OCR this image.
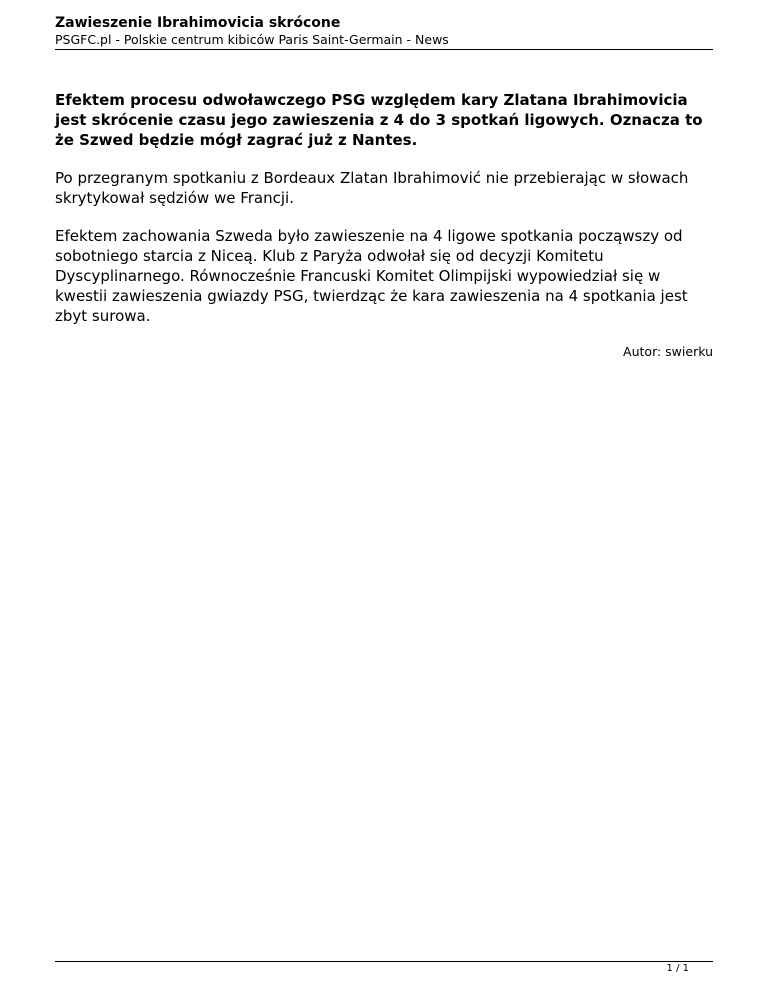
Zawieszenie Ibrahimovicia skrócone
PSGFC.pl - Polskie centrum kibiców Paris Saint-Germain - News

Efektem procesu odwoławczego PSG względem kary Zlatana Ibrahimovicia jest skrócenie czasu jego zawieszenia z 4 do 3 spotkań ligowych. Oznacza to że Szwed będzie mógł zagrać już z Nantes.

Po przegranym spotkaniu z Bordeaux Zlatan Ibrahimović nie przebierając w słowach skrytykował sędziów we Francji.

Efektem zachowania Szweda było zawieszenie na 4 ligowe spotkania począwszy od sobotniego starcia z Niceą. Klub z Paryża odwołał się od decyzji Komitetu Dyscyplinarnego. Równocześnie Francuski Komitet Olimpijski wypowiedział się w kwestii zawieszenia gwiazdy PSG, twierdząc że kara zawieszenia na 4 spotkania jest zbyt surowa.

Autor: swierku
1 / 1
